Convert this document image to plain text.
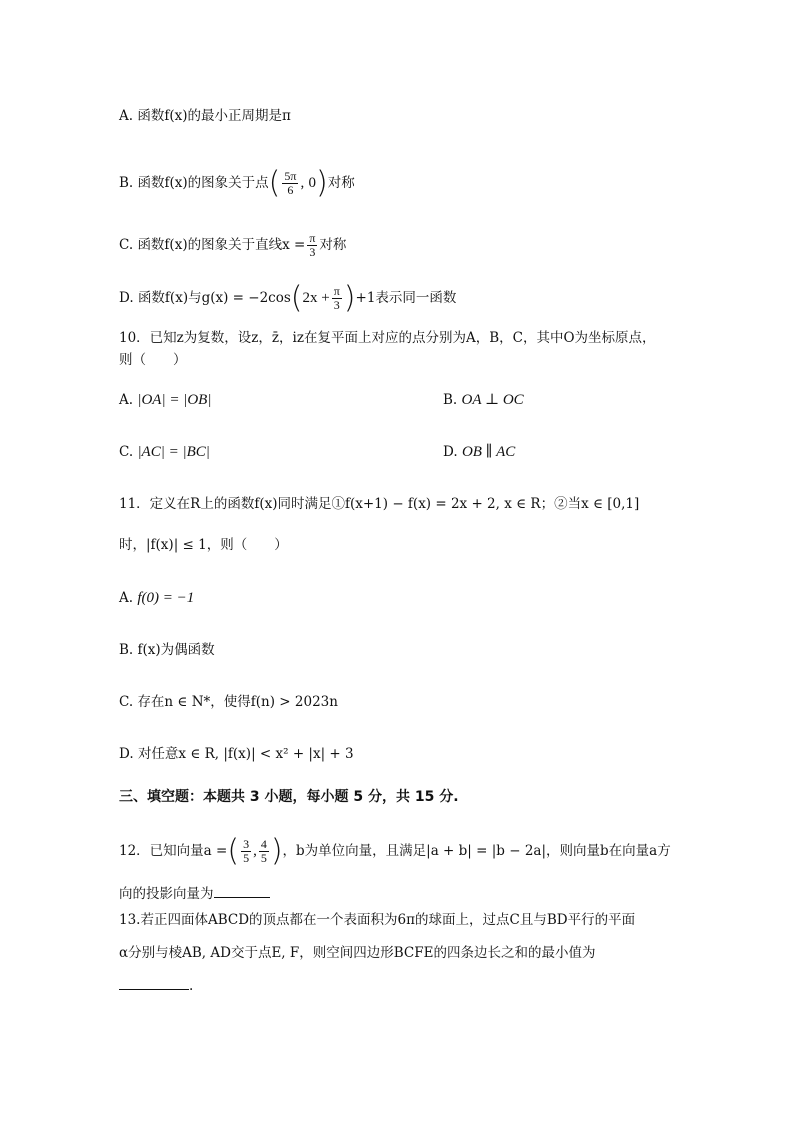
A. 函数f(x)的最小正周期是π
B. 函数f(x)的图象关于点( $\frac{5\pi}{6}$ , 0)对称
C. 函数f(x)的图象关于直线$x = \frac{\pi}{3}$ 对称
D. 函数f(x)与$g(x) = -2\cos(2x + \frac{\pi}{3} )+1$表示同一函数
10．已知z为复数，设z，z̄，iz在复平面上对应的点分别为A，B，C，其中O为坐标原点，
则（　　）
A. |OA| = |OB|	B. OA ⊥ OC
C. |AC| = |BC|	D. OB ∥ AC
11．定义在R上的函数f(x)同时满足①f(x+1) − f(x) = 2x + 2, x ∈ R；②当x ∈ [0,1]
时，|f(x)| ≤ 1，则（　　）
A. f(0) = −1
B. f(x)为偶函数
C. 存在n ∈ N*，使得f(n) > 2023n
D. 对任意x ∈ R, |f(x)| < x² + |x| + 3
三、填空题：本题共 3 小题，每小题 5 分，共 15 分.
12．已知向量a =( $\frac{3}{5}$ , $\frac{4}{5}$ )，b为单位向量，且满足|a + b| = |b − 2a|，则向量b在向量a方
向的投影向量为
13.若正四面体ABCD的顶点都在一个表面积为6π的球面上，过点C且与BD平行的平面
α分别与棱AB, AD交于点E, F，则空间四边形BCFE的四条边长之和的最小值为
.
